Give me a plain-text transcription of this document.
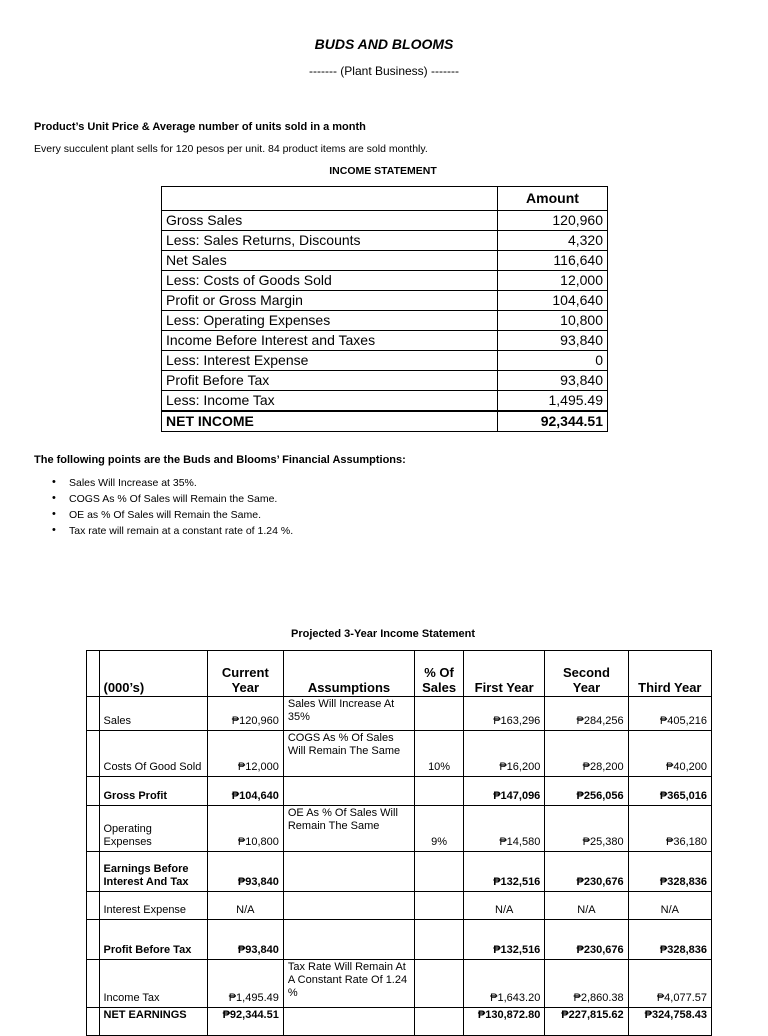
BUDS AND BLOOMS
------- (Plant Business) -------
Product’s Unit Price & Average number of units sold in a month
Every succulent plant sells for 120 pesos per unit. 84 product items are sold monthly.
INCOME STATEMENT
	Amount
Gross Sales	120,960
Less: Sales Returns, Discounts	4,320
Net Sales	116,640
Less: Costs of Goods Sold	12,000
Profit or Gross Margin	104,640
Less: Operating Expenses	10,800
Income Before Interest and Taxes	93,840
Less: Interest Expense	0
Profit Before Tax	93,840
Less: Income Tax	1,495.49
NET INCOME	92,344.51
The following points are the Buds and Blooms’ Financial Assumptions:
• Sales Will Increase at 35%.
• COGS As % Of Sales will Remain the Same.
• OE as % Of Sales will Remain the Same.
• Tax rate will remain at a constant rate of 1.24 %.
Projected 3-Year Income Statement
	(000’s)	Current Year	Assumptions	% Of Sales	First Year	Second Year	Third Year
	Sales	₱120,960	Sales Will Increase At 35%		₱163,296	₱284,256	₱405,216
	Costs Of Good Sold	₱12,000	COGS As % Of Sales Will Remain The Same	10%	₱16,200	₱28,200	₱40,200
	Gross Profit	₱104,640			₱147,096	₱256,056	₱365,016
	Operating Expenses	₱10,800	OE As % Of Sales Will Remain The Same	9%	₱14,580	₱25,380	₱36,180
	Earnings Before Interest And Tax	₱93,840			₱132,516	₱230,676	₱328,836
	Interest Expense	N/A			N/A	N/A	N/A
	Profit Before Tax	₱93,840			₱132,516	₱230,676	₱328,836
	Income Tax	₱1,495.49	Tax Rate Will Remain At A Constant Rate Of 1.24 %		₱1,643.20	₱2,860.38	₱4,077.57
	NET EARNINGS	₱92,344.51			₱130,872.80	₱227,815.62	₱324,758.43
